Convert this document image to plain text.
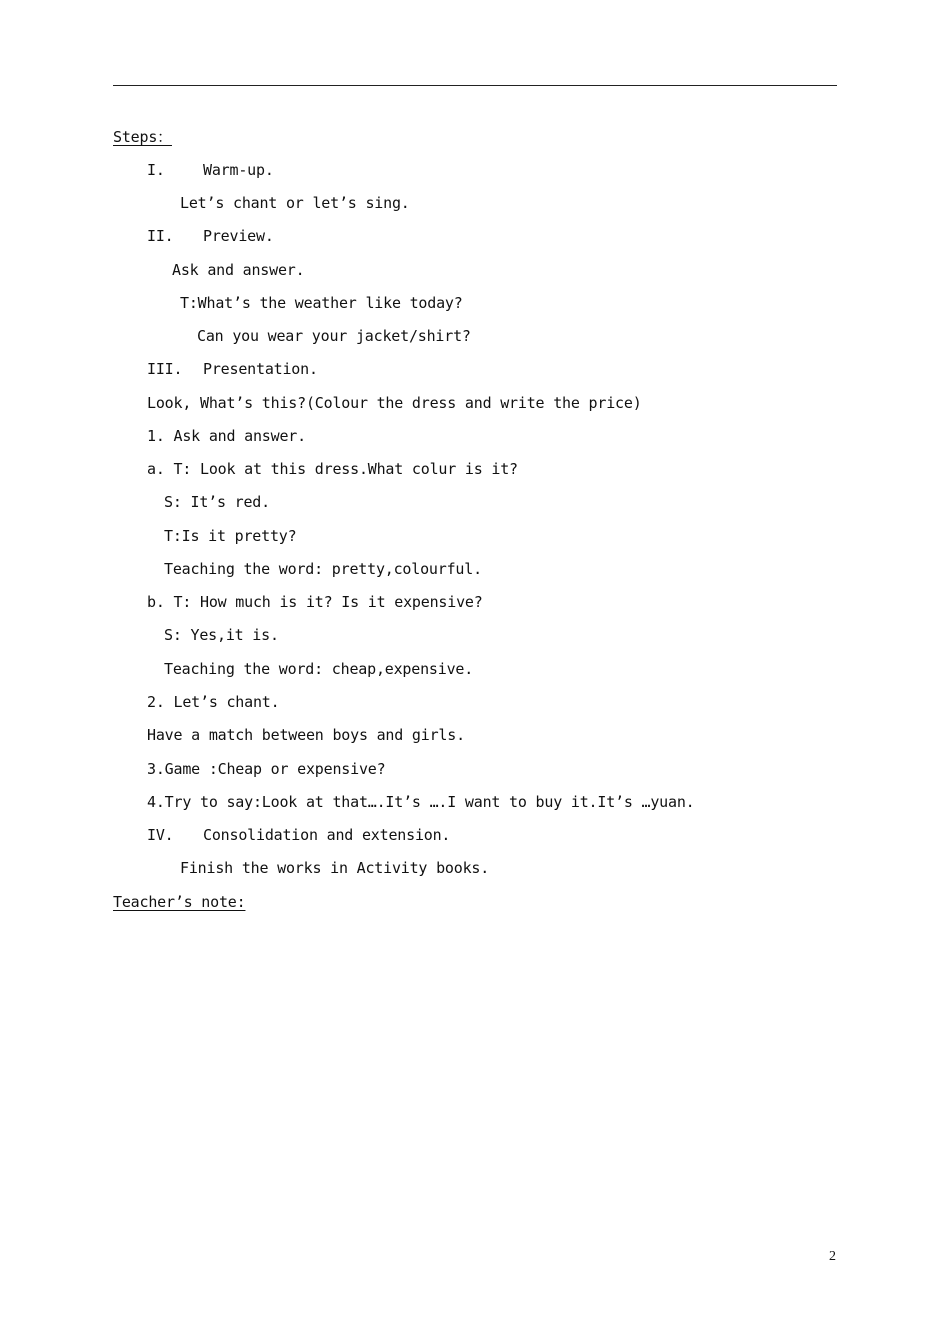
Steps：
I.	Warm-up.
Let’s chant or let’s sing.
II. Preview.
Ask and answer.
T:What’s the weather like today?
Can you wear your jacket/shirt?
III. Presentation.
Look, What’s this?(Colour the dress and write the price)
1. Ask and answer.
a. T: Look at this dress.What colur is it?
S: It’s red.
T:Is it pretty?
Teaching the word: pretty,colourful.
b. T: How much is it? Is it expensive?
S: Yes,it is.
Teaching the word: cheap,expensive.
2. Let’s chant.
Have a match between boys and girls.
3.Game :Cheap or expensive?
4.Try to say:Look at that….It’s ….I want to buy it.It’s …yuan.
IV. Consolidation and extension.
Finish the works in Activity books.
Teacher’s note:
2
